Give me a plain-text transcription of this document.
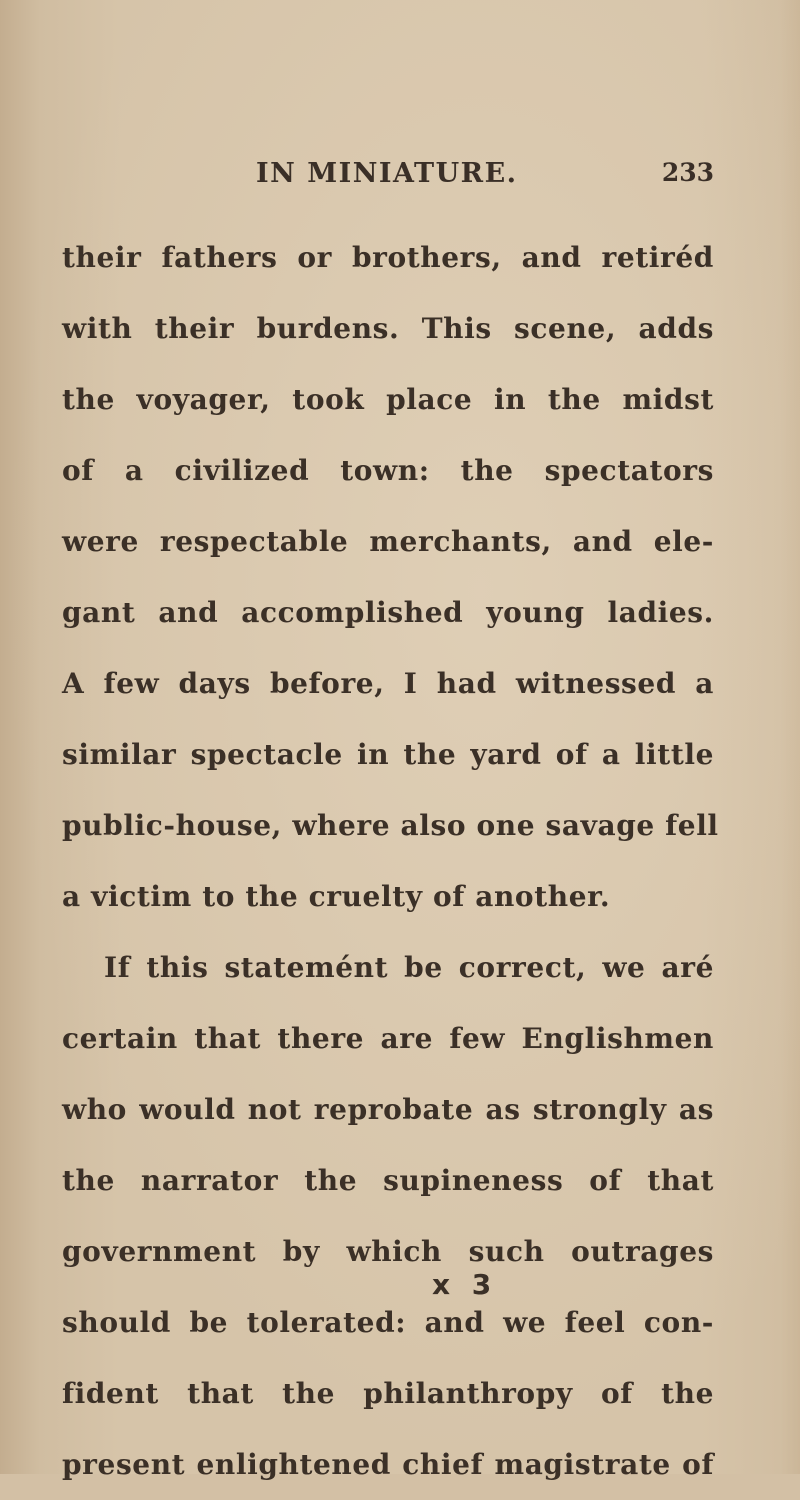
IN MINIATURE.	233
their fathers or brothers, and retiréd
with their burdens. This scene, adds
the voyager, took place in the midst
of a civilized town: the spectators
were respectable merchants, and ele-
gant and accomplished young ladies.
A few days before, I had witnessed a
similar spectacle in the yard of a little
public-house, where also one savage fell
a victim to the cruelty of another.
If this statemént be correct, we aré
certain that there are few Englishmen
who would not reprobate as strongly as
the narrator the supineness of that
government by which such outrages
should be tolerated: and we feel con-
fident that the philanthropy of the
present enlightened chief magistrate of
x 3
